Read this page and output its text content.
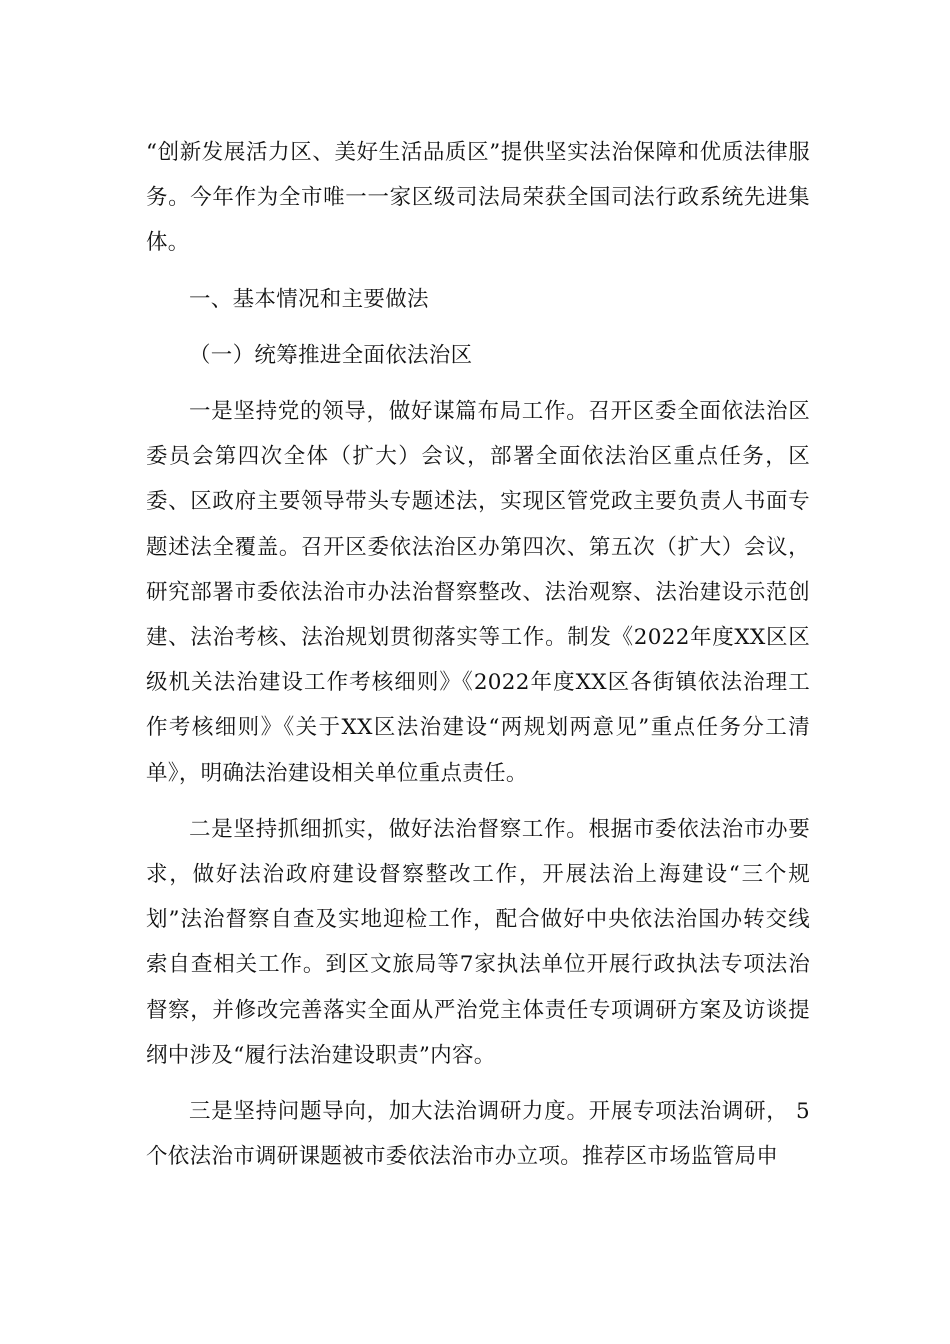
“创新发展活力区、美好生活品质区”提供坚实法治保障和优质法律服务。今年作为全市唯一一家区级司法局荣获全国司法行政系统先进集体。

一、基本情况和主要做法

（一）统筹推进全面依法治区

一是坚持党的领导，做好谋篇布局工作。召开区委全面依法治区委员会第四次全体（扩大）会议，部署全面依法治区重点任务，区委、区政府主要领导带头专题述法，实现区管党政主要负责人书面专题述法全覆盖。召开区委依法治区办第四次、第五次（扩大）会议，研究部署市委依法治市办法治督察整改、法治观察、法治建设示范创建、法治考核、法治规划贯彻落实等工作。制发《2022年度XX区区级机关法治建设工作考核细则》《2022年度XX区各街镇依法治理工作考核细则》《关于XX区法治建设“两规划两意见”重点任务分工清单》，明确法治建设相关单位重点责任。

二是坚持抓细抓实，做好法治督察工作。根据市委依法治市办要求，做好法治政府建设督察整改工作，开展法治上海建设“三个规划”法治督察自查及实地迎检工作，配合做好中央依法治国办转交线索自查相关工作。到区文旅局等7家执法单位开展行政执法专项法治督察，并修改完善落实全面从严治党主体责任专项调研方案及访谈提纲中涉及“履行法治建设职责”内容。

三是坚持问题导向，加大法治调研力度。开展专项法治调研， 5个依法治市调研课题被市委依法治市办立项。推荐区市场监管局申
